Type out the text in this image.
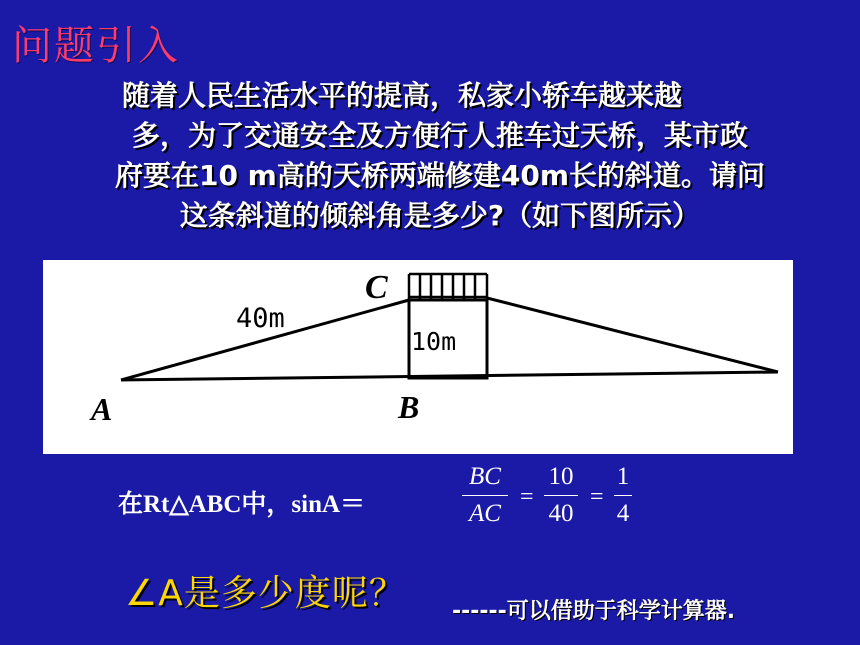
问题引入
随着人民生活水平的提高，私家小轿车越来越
多，为了交通安全及方便行人推车过天桥，某市政
府要在10 m高的天桥两端修建40m长的斜道。请问
这条斜道的倾斜角是多少?（如下图所示）
C
40m
10m
A	B
在Rt△ABC中，sinA＝
BC
AC
=
10
40
=
1
4
∠A是多少度呢？ ------可以借助于科学计算器.
